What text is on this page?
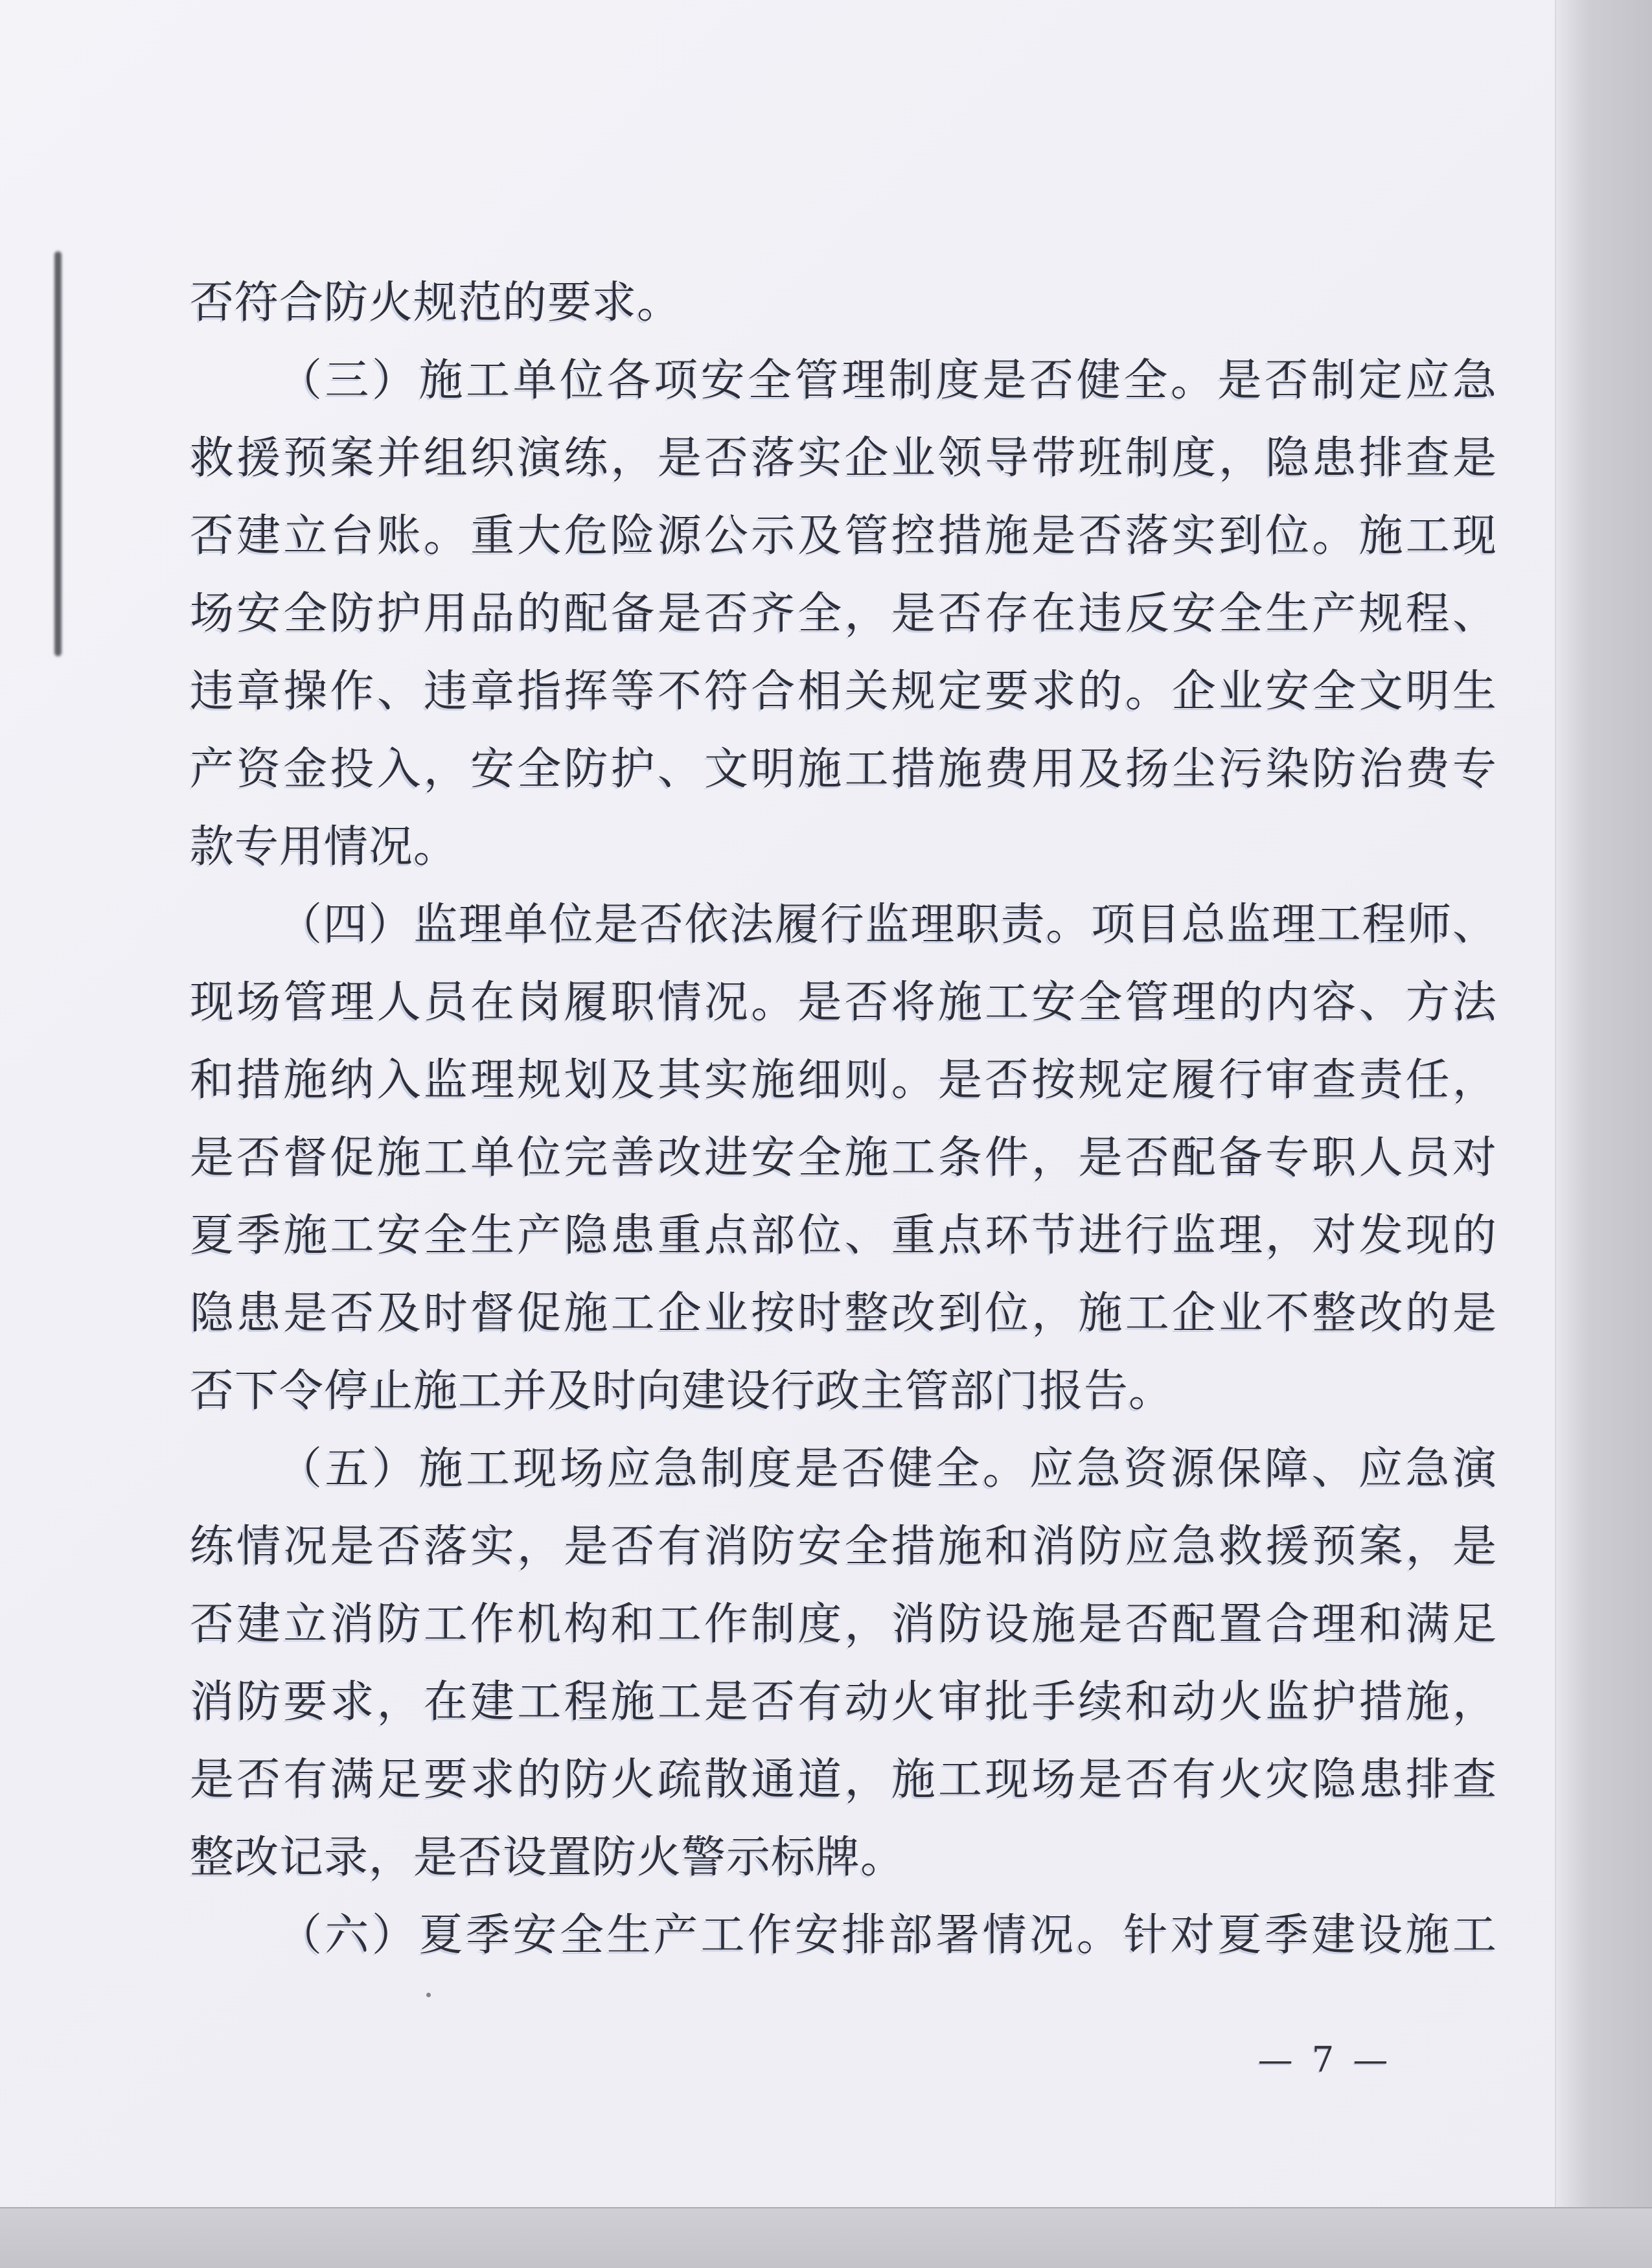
否符合防火规范的要求。
（三）施工单位各项安全管理制度是否健全。是否制定应急
救援预案并组织演练，是否落实企业领导带班制度，隐患排查是
否建立台账。重大危险源公示及管控措施是否落实到位。施工现
场安全防护用品的配备是否齐全，是否存在违反安全生产规程、
违章操作、违章指挥等不符合相关规定要求的。企业安全文明生
产资金投入，安全防护、文明施工措施费用及扬尘污染防治费专
款专用情况。
（四）监理单位是否依法履行监理职责。项目总监理工程师、
现场管理人员在岗履职情况。是否将施工安全管理的内容、方法
和措施纳入监理规划及其实施细则。是否按规定履行审查责任，
是否督促施工单位完善改进安全施工条件，是否配备专职人员对
夏季施工安全生产隐患重点部位、重点环节进行监理，对发现的
隐患是否及时督促施工企业按时整改到位，施工企业不整改的是
否下令停止施工并及时向建设行政主管部门报告。
（五）施工现场应急制度是否健全。应急资源保障、应急演
练情况是否落实，是否有消防安全措施和消防应急救援预案，是
否建立消防工作机构和工作制度，消防设施是否配置合理和满足
消防要求，在建工程施工是否有动火审批手续和动火监护措施，
是否有满足要求的防火疏散通道，施工现场是否有火灾隐患排查
整改记录，是否设置防火警示标牌。
（六）夏季安全生产工作安排部署情况。针对夏季建设施工
— 7 —
